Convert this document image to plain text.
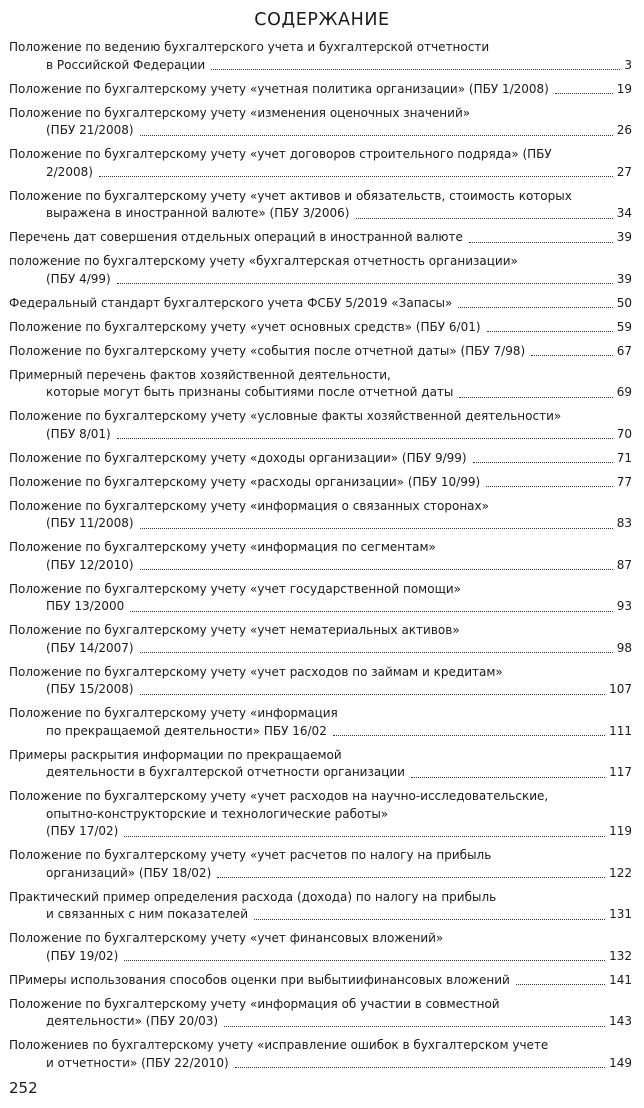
СОДЕРЖАНИЕ
Положение по ведению бухгалтерского учета и бухгалтерской отчетности
в Российской Федерации	3
Положение по бухгалтерскому учету «учетная политика организации» (ПБУ 1/2008)	19
Положение по бухгалтерскому учету «изменения оценочных значений»
(ПБУ 21/2008)	26
Положение по бухгалтерскому учету «учет договоров строительного подряда» (ПБУ
2/2008)	27
Положение по бухгалтерскому учету «учет активов и обязательств, стоимость которых
выражена в иностранной валюте» (ПБУ 3/2006)	34
Перечень дат совершения отдельных операций в иностранной валюте	39
положение по бухгалтерскому учету «бухгалтерская отчетность организации»
(ПБУ 4/99)	39
Федеральный стандарт бухгалтерского учета ФСБУ 5/2019 «Запасы»	50
Положение по бухгалтерскому учету «учет основных средств» (ПБУ 6/01)	59
Положение по бухгалтерскому учету «события после отчетной даты» (ПБУ 7/98)	67
Примерный перечень фактов хозяйственной деятельности,
которые могут быть признаны событиями после отчетной даты	69
Положение по бухгалтерскому учету «условные факты хозяйственной деятельности»
(ПБУ 8/01)	70
Положение по бухгалтерскому учету «доходы организации» (ПБУ 9/99)	71
Положение по бухгалтерскому учету «расходы организации» (ПБУ 10/99)	77
Положение по бухгалтерскому учету «информация о связанных сторонах»
(ПБУ 11/2008)	83
Положение по бухгалтерскому учету «информация по сегментам»
(ПБУ 12/2010)	87
Положение по бухгалтерскому учету «учет государственной помощи»
ПБУ 13/2000	93
Положение по бухгалтерскому учету «учет нематериальных активов»
(ПБУ 14/2007)	98
Положение по бухгалтерскому учету «учет расходов по займам и кредитам»
(ПБУ 15/2008)	107
Положение по бухгалтерскому учету «информация
по прекращаемой деятельности» ПБУ 16/02	111
Примеры раскрытия информации по прекращаемой
деятельности в бухгалтерской отчетности организации	117
Положение по бухгалтерскому учету «учет расходов на научно-исследовательские,
опытно-конструкторские и технологические работы»
(ПБУ 17/02)	119
Положение по бухгалтерскому учету «учет расчетов по налогу на прибыль
организаций» (ПБУ 18/02)	122
Практический пример определения расхода (дохода) по налогу на прибыль
и связанных с ним показателей	131
Положение по бухгалтерскому учету «учет финансовых вложений»
(ПБУ 19/02)	132
ПРимеры использования способов оценки при выбытиифинансовых вложений	141
Положение по бухгалтерскому учету «информация об участии в совместной
деятельности» (ПБУ 20/03)	143
Положениев по бухгалтерскому учету «исправление ошибок в бухгалтерском учете
и отчетности» (ПБУ 22/2010)	149
252
